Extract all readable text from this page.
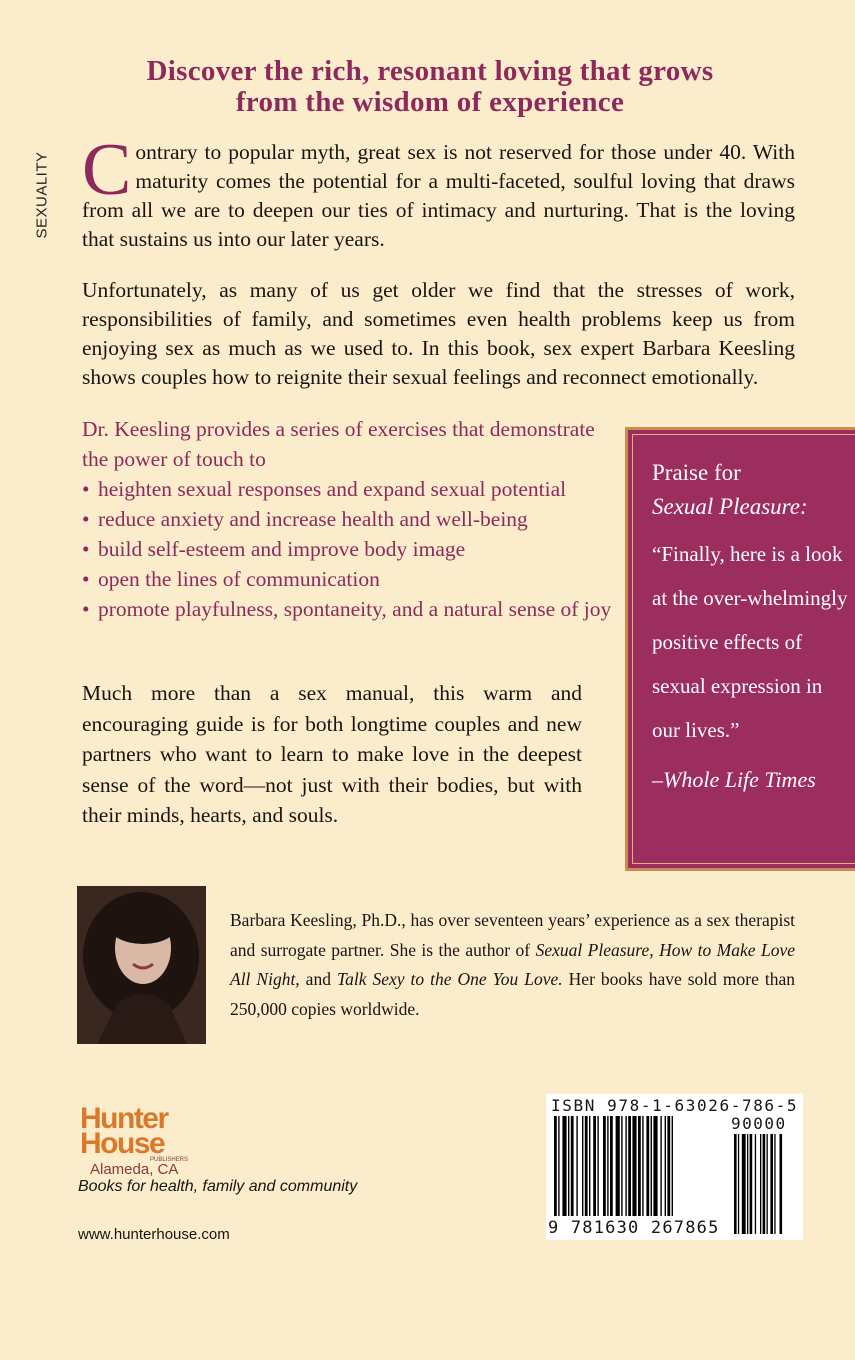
SEXUALITY
Discover the rich, resonant loving that grows
from the wisdom of experience
Contrary to popular myth, great sex is not reserved for those under 40. With maturity comes the potential for a multi-faceted, soulful loving that draws from all we are to deepen our ties of intimacy and nurturing. That is the loving that sustains us into our later years.
Unfortunately, as many of us get older we find that the stresses of work, responsibilities of family, and sometimes even health problems keep us from enjoying sex as much as we used to. In this book, sex expert Barbara Keesling shows couples how to reignite their sexual feelings and reconnect emotionally.
Dr. Keesling provides a series of exercises that demonstrate the power of touch to
• heighten sexual responses and expand sexual potential
• reduce anxiety and increase health and well-being
• build self-esteem and improve body image
• open the lines of communication
• promote playfulness, spontaneity, and a natural sense of joy
Much more than a sex manual, this warm and encouraging guide is for both longtime couples and new partners who want to learn to make love in the deepest sense of the word—not just with their bodies, but with their minds, hearts, and souls.
Praise for
Sexual Pleasure:
“Finally, here is a look at the over-whelmingly positive effects of sexual expression in our lives.”
–Whole Life Times
Barbara Keesling, Ph.D., has over seventeen years’ experience as a sex therapist and surrogate partner. She is the author of Sexual Pleasure, How to Make Love All Night, and Talk Sexy to the One You Love. Her books have sold more than 250,000 copies worldwide.
Hunter
House
PUBLISHERS
Alameda, CA
Books for health, family and community
www.hunterhouse.com
ISBN 978-1-63026-786-5
90000
9 781630 267865
